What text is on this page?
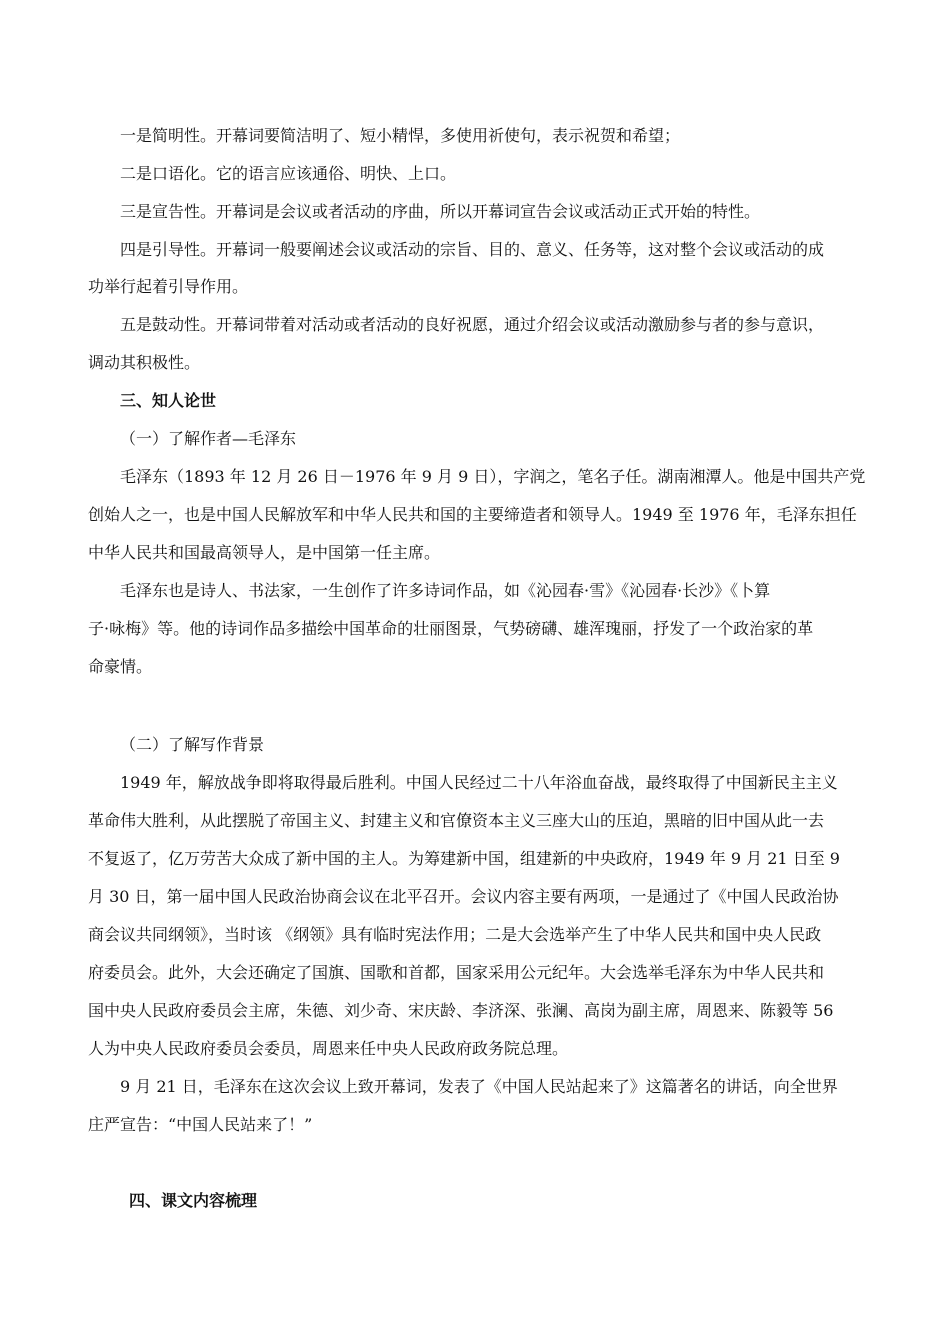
一是简明性。开幕词要简洁明了、短小精悍，多使用祈使句，表示祝贺和希望；
二是口语化。它的语言应该通俗、明快、上口。
三是宣告性。开幕词是会议或者活动的序曲，所以开幕词宣告会议或活动正式开始的特性。
四是引导性。开幕词一般要阐述会议或活动的宗旨、目的、意义、任务等，这对整个会议或活动的成
功举行起着引导作用。
五是鼓动性。开幕词带着对活动或者活动的良好祝愿，通过介绍会议或活动激励参与者的参与意识，
调动其积极性。
三、知人论世
（一）了解作者—毛泽东
毛泽东（1893 年 12 月 26 日－1976 年 9 月 9 日），字润之，笔名子任。湖南湘潭人。他是中国共产党
创始人之一，也是中国人民解放军和中华人民共和国的主要缔造者和领导人。1949 至 1976 年，毛泽东担任
中华人民共和国最高领导人，是中国第一任主席。
毛泽东也是诗人、书法家，一生创作了许多诗词作品，如《沁园春·雪》《沁园春·长沙》《卜算
子·咏梅》等。他的诗词作品多描绘中国革命的壮丽图景，气势磅礴、雄浑瑰丽，抒发了一个政治家的革
命豪情。
（二）了解写作背景
1949 年，解放战争即将取得最后胜利。中国人民经过二十八年浴血奋战，最终取得了中国新民主主义
革命伟大胜利，从此摆脱了帝国主义、封建主义和官僚资本主义三座大山的压迫，黑暗的旧中国从此一去
不复返了，亿万劳苦大众成了新中国的主人。为筹建新中国，组建新的中央政府，1949 年 9 月 21 日至 9
月 30 日，第一届中国人民政治协商会议在北平召开。会议内容主要有两项，一是通过了《中国人民政治协
商会议共同纲领》，当时该 《纲领》具有临时宪法作用；二是大会选举产生了中华人民共和国中央人民政
府委员会。此外，大会还确定了国旗、国歌和首都，国家采用公元纪年。大会选举毛泽东为中华人民共和
国中央人民政府委员会主席，朱德、刘少奇、宋庆龄、李济深、张澜、高岗为副主席，周恩来、陈毅等 56
人为中央人民政府委员会委员，周恩来任中央人民政府政务院总理。
9 月 21 日，毛泽东在这次会议上致开幕词，发表了《中国人民站起来了》这篇著名的讲话，向全世界
庄严宣告：“中国人民站来了！”
四、课文内容梳理
